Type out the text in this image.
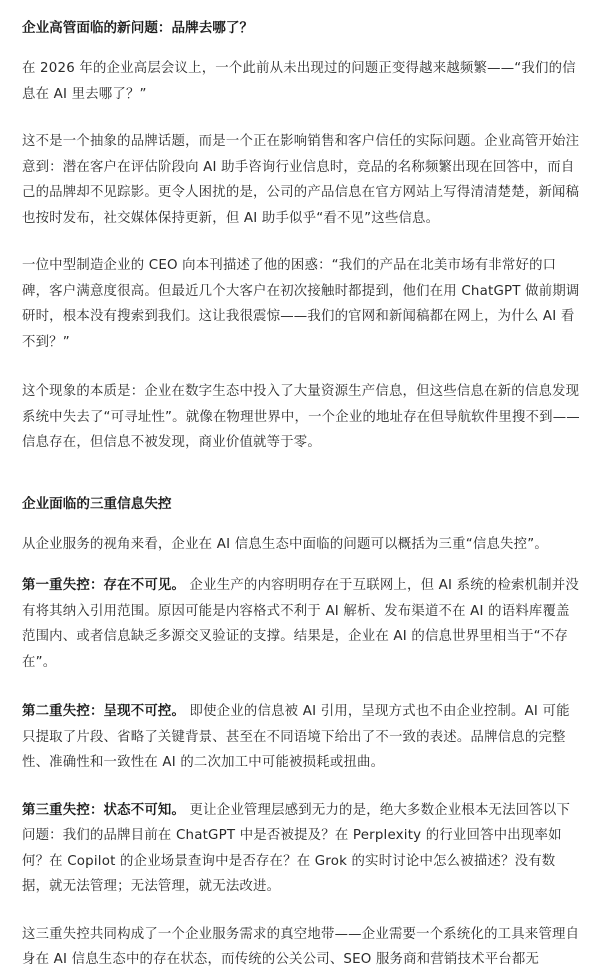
企业高管面临的新问题：品牌去哪了？

在 2026 年的企业高层会议上，一个此前从未出现过的问题正变得越来越频繁——“我们的信息在 AI 里去哪了？”

这不是一个抽象的品牌话题，而是一个正在影响销售和客户信任的实际问题。企业高管开始注意到：潜在客户在评估阶段向 AI 助手咨询行业信息时，竞品的名称频繁出现在回答中，而自己的品牌却不见踪影。更令人困扰的是，公司的产品信息在官方网站上写得清清楚楚，新闻稿也按时发布，社交媒体保持更新，但 AI 助手似乎“看不见”这些信息。

一位中型制造企业的 CEO 向本刊描述了他的困惑：“我们的产品在北美市场有非常好的口碑，客户满意度很高。但最近几个大客户在初次接触时都提到，他们在用 ChatGPT 做前期调研时，根本没有搜索到我们。这让我很震惊——我们的官网和新闻稿都在网上，为什么 AI 看不到？”

这个现象的本质是：企业在数字生态中投入了大量资源生产信息，但这些信息在新的信息发现系统中失去了“可寻址性”。就像在物理世界中，一个企业的地址存在但导航软件里搜不到——信息存在，但信息不被发现，商业价值就等于零。

企业面临的三重信息失控

从企业服务的视角来看，企业在 AI 信息生态中面临的问题可以概括为三重“信息失控”。

第一重失控：存在不可见。 企业生产的内容明明存在于互联网上，但 AI 系统的检索机制并没有将其纳入引用范围。原因可能是内容格式不利于 AI 解析、发布渠道不在 AI 的语料库覆盖范围内、或者信息缺乏多源交叉验证的支撑。结果是，企业在 AI 的信息世界里相当于“不存在”。

第二重失控：呈现不可控。 即使企业的信息被 AI 引用，呈现方式也不由企业控制。AI 可能只提取了片段、省略了关键背景、甚至在不同语境下给出了不一致的表述。品牌信息的完整性、准确性和一致性在 AI 的二次加工中可能被损耗或扭曲。

第三重失控：状态不可知。 更让企业管理层感到无力的是，绝大多数企业根本无法回答以下问题：我们的品牌目前在 ChatGPT 中是否被提及？在 Perplexity 的行业回答中出现率如何？在 Copilot 的企业场景查询中是否存在？在 Grok 的实时讨论中怎么被描述？没有数据，就无法管理；无法管理，就无法改进。

这三重失控共同构成了一个企业服务需求的真空地带——企业需要一个系统化的工具来管理自身在 AI 信息生态中的存在状态，而传统的公关公司、SEO 服务商和营销技术平台都无
